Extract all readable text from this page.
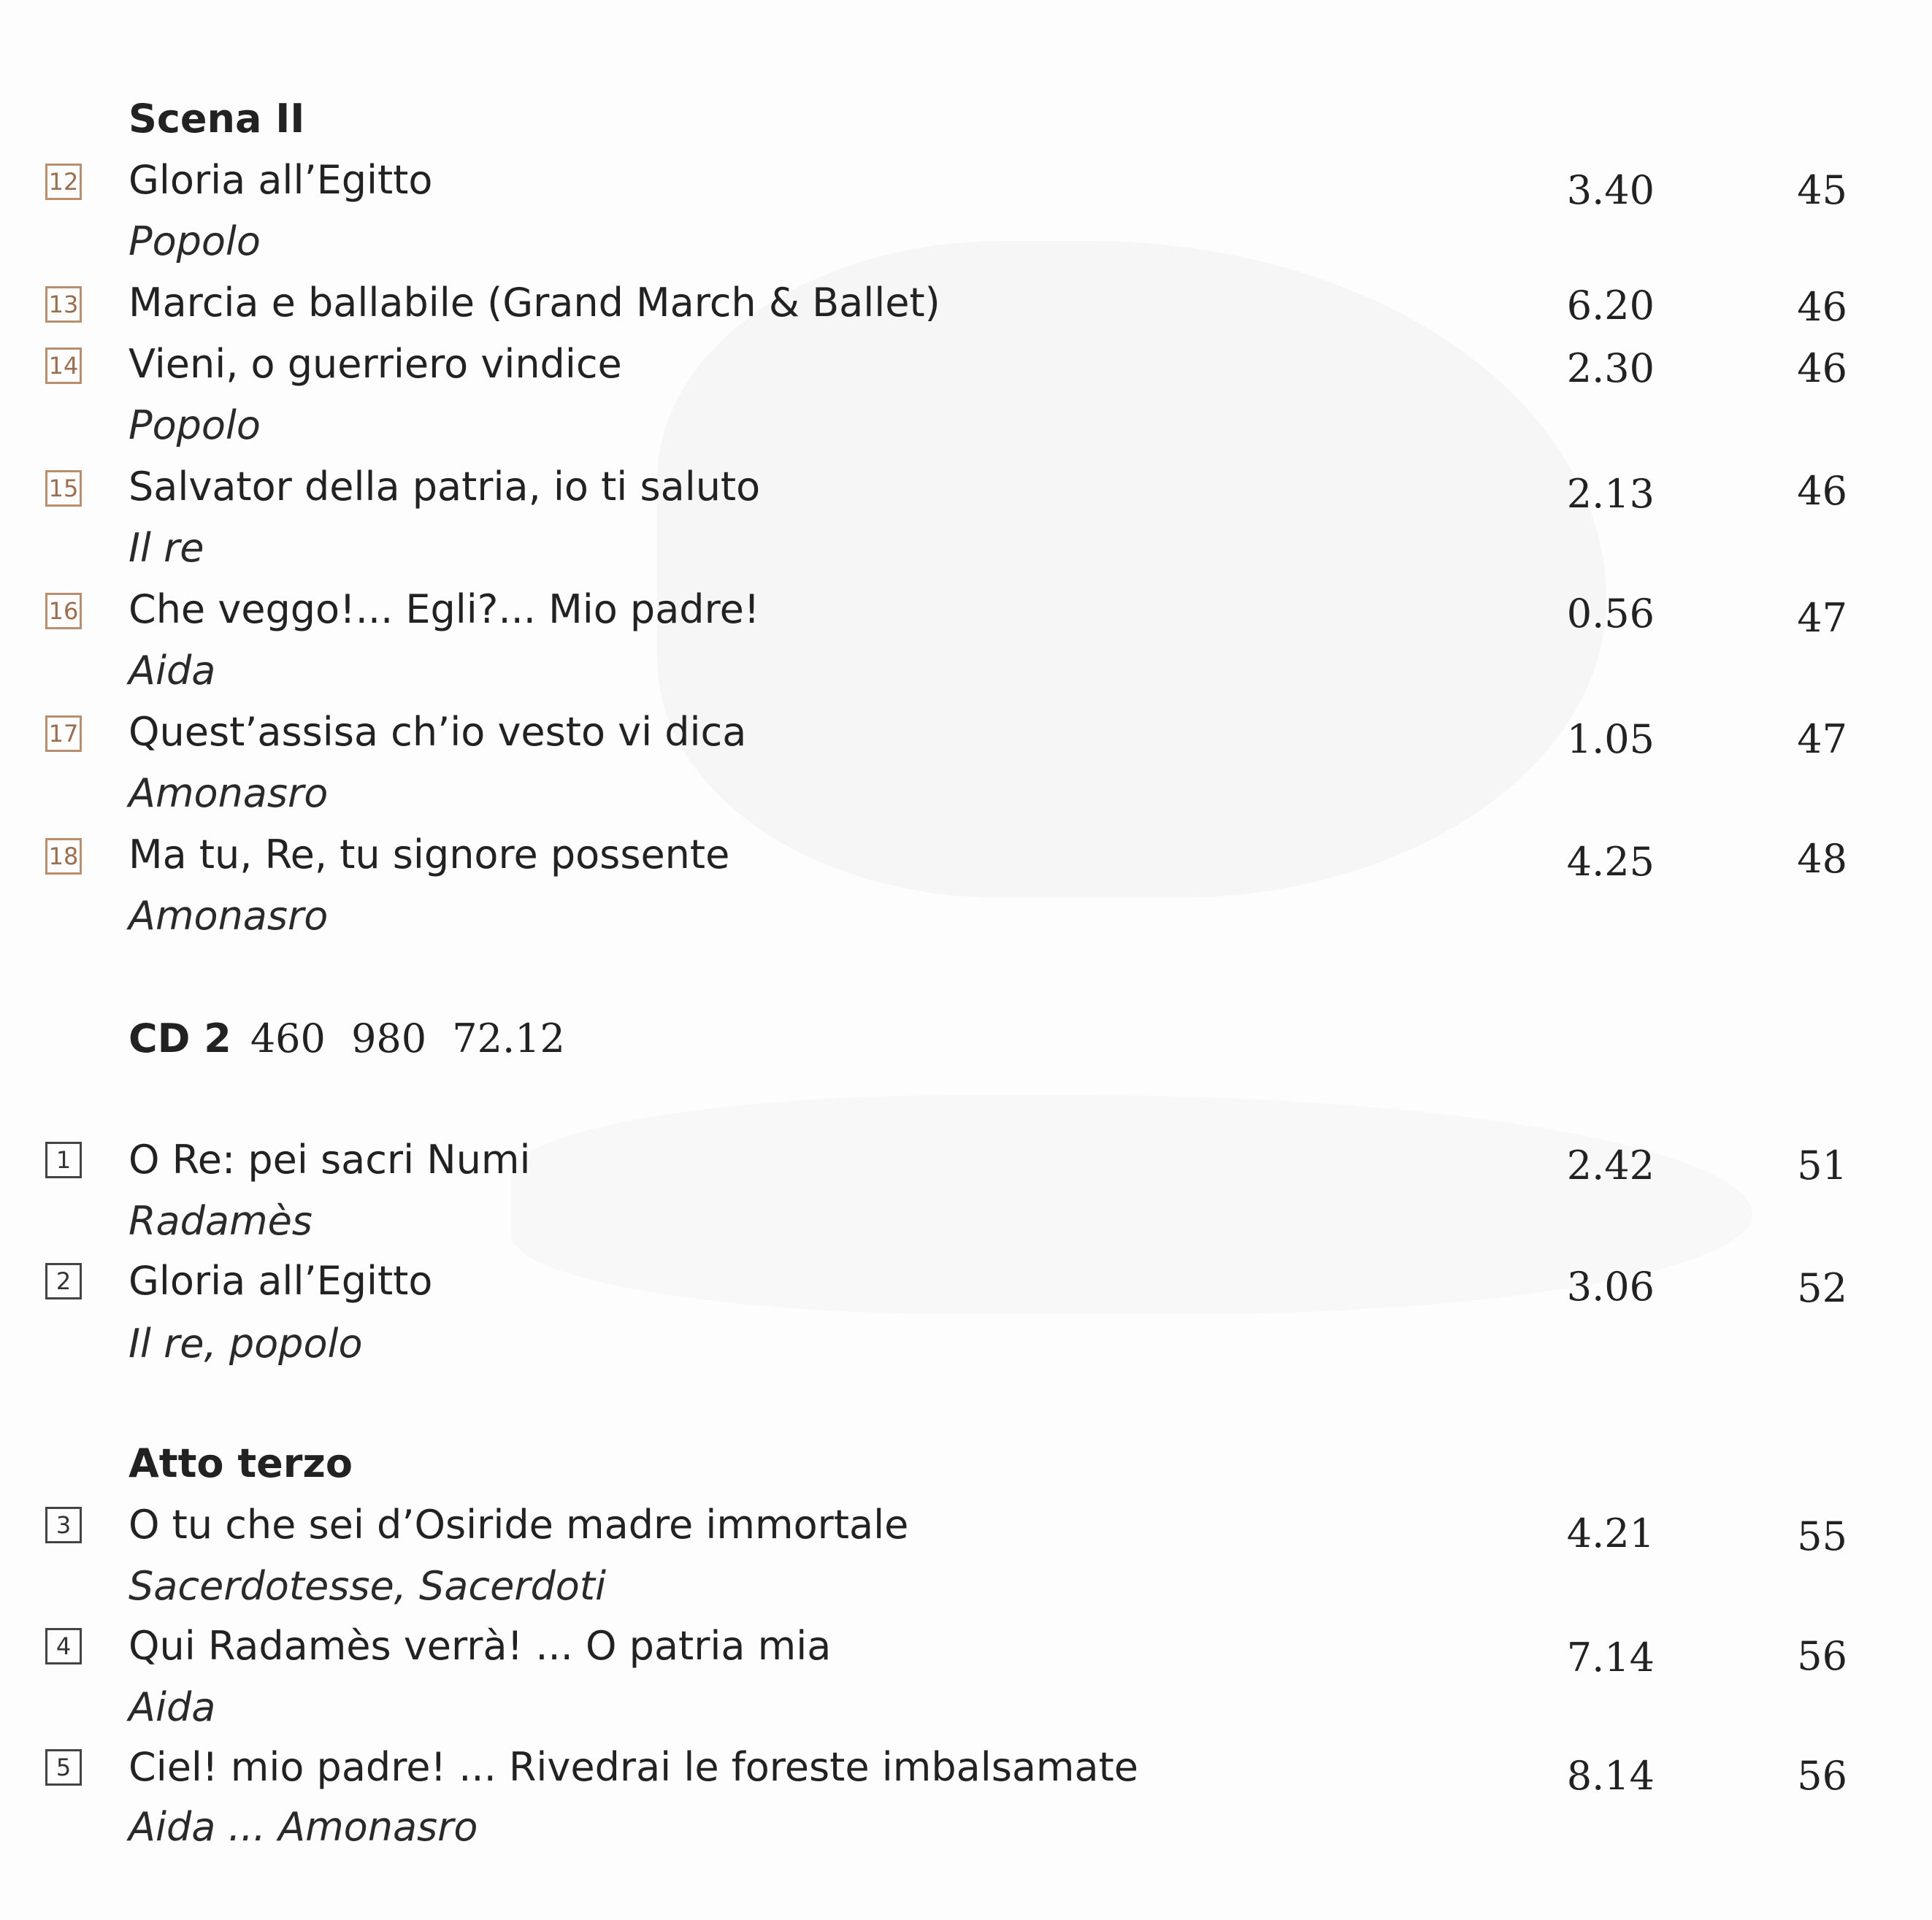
Scena II
12 Gloria all’Egitto	3.40	45
Popolo
13 Marcia e ballabile (Grand March & Ballet)	6.20	46
14 Vieni, o guerriero vindice	2.30	46
Popolo
15 Salvator della patria, io ti saluto	2.13	46
Il re
16 Che veggo!... Egli?... Mio padre!	0.56	47
Aida
17 Quest’assisa ch’io vesto vi dica	1.05	47
Amonasro
18 Ma tu, Re, tu signore possente	4.25	48
Amonasro
CD 2 460 980 72.12
1 O Re: pei sacri Numi	2.42	51
Radamès
2 Gloria all’Egitto	3.06	52
Il re, popolo
Atto terzo
3 O tu che sei d’Osiride madre immortale	4.21	55
Sacerdotesse, Sacerdoti
4 Qui Radamès verrà! ... O patria mia	7.14	56
Aida
5 Ciel! mio padre! ... Rivedrai le foreste imbalsamate	8.14	56
Aida ... Amonasro
